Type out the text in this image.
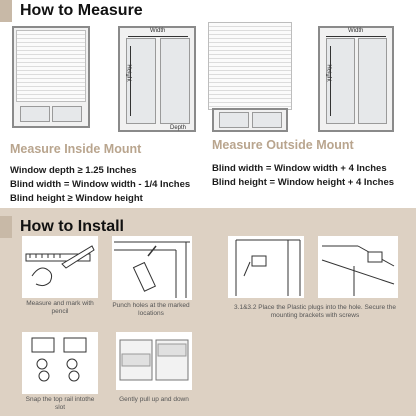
How to Measure
Width
Height
Depth
Width
Height
Measure Inside Mount	Measure Outside Mount
Window depth ≥ 1.25 Inches
Blind width = Window width - 1/4 Inches
Blind height ≥ Window height
Blind width = Window width + 4 Inches
Blind height = Window height + 4 Inches
How to Install
Measure and mark with pencil
Punch holes at the marked locations
3.1&3.2 Place the Plastic plugs into the hole. Secure the mounting brackets with screws
Snap the top rail intothe slot
Gently pull up and down
